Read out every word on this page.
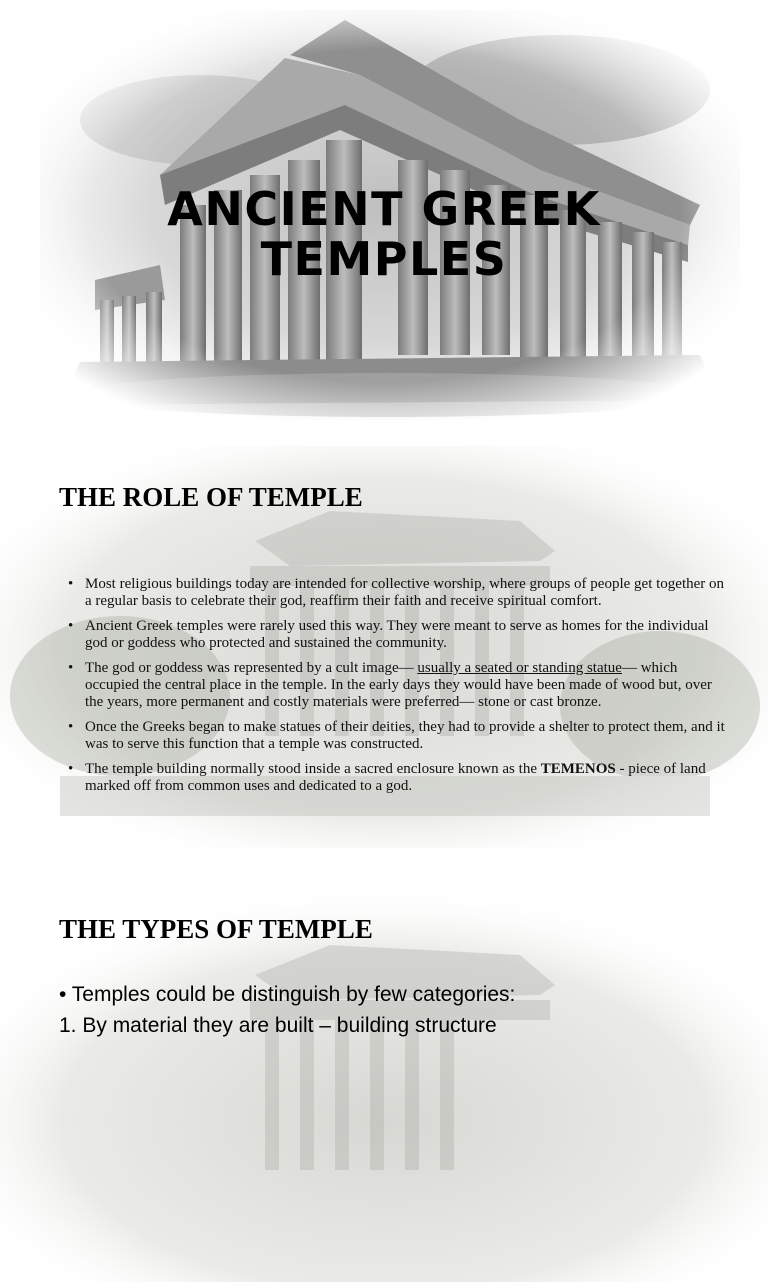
ANCIENT GREEK
TEMPLES
THE ROLE OF TEMPLE
• Most religious buildings today are intended for collective worship, where groups of people get together on a regular basis to celebrate their god, reaffirm their faith and receive spiritual comfort.
• Ancient Greek temples were rarely used this way. They were meant to serve as homes for the individual god or goddess who protected and sustained the community.
• The god or goddess was represented by a cult image— usually a seated or standing statue— which occupied the central place in the temple. In the early days they would have been made of wood but, over the years, more permanent and costly materials were preferred— stone or cast bronze.
• Once the Greeks began to make statues of their deities, they had to provide a shelter to protect them, and it was to serve this function that a temple was constructed.
• The temple building normally stood inside a sacred enclosure known as the TEMENOS - piece of land marked off from common uses and dedicated to a god.
THE TYPES OF TEMPLE
• Temples could be distinguish by few categories:
1. By material they are built – building structure
